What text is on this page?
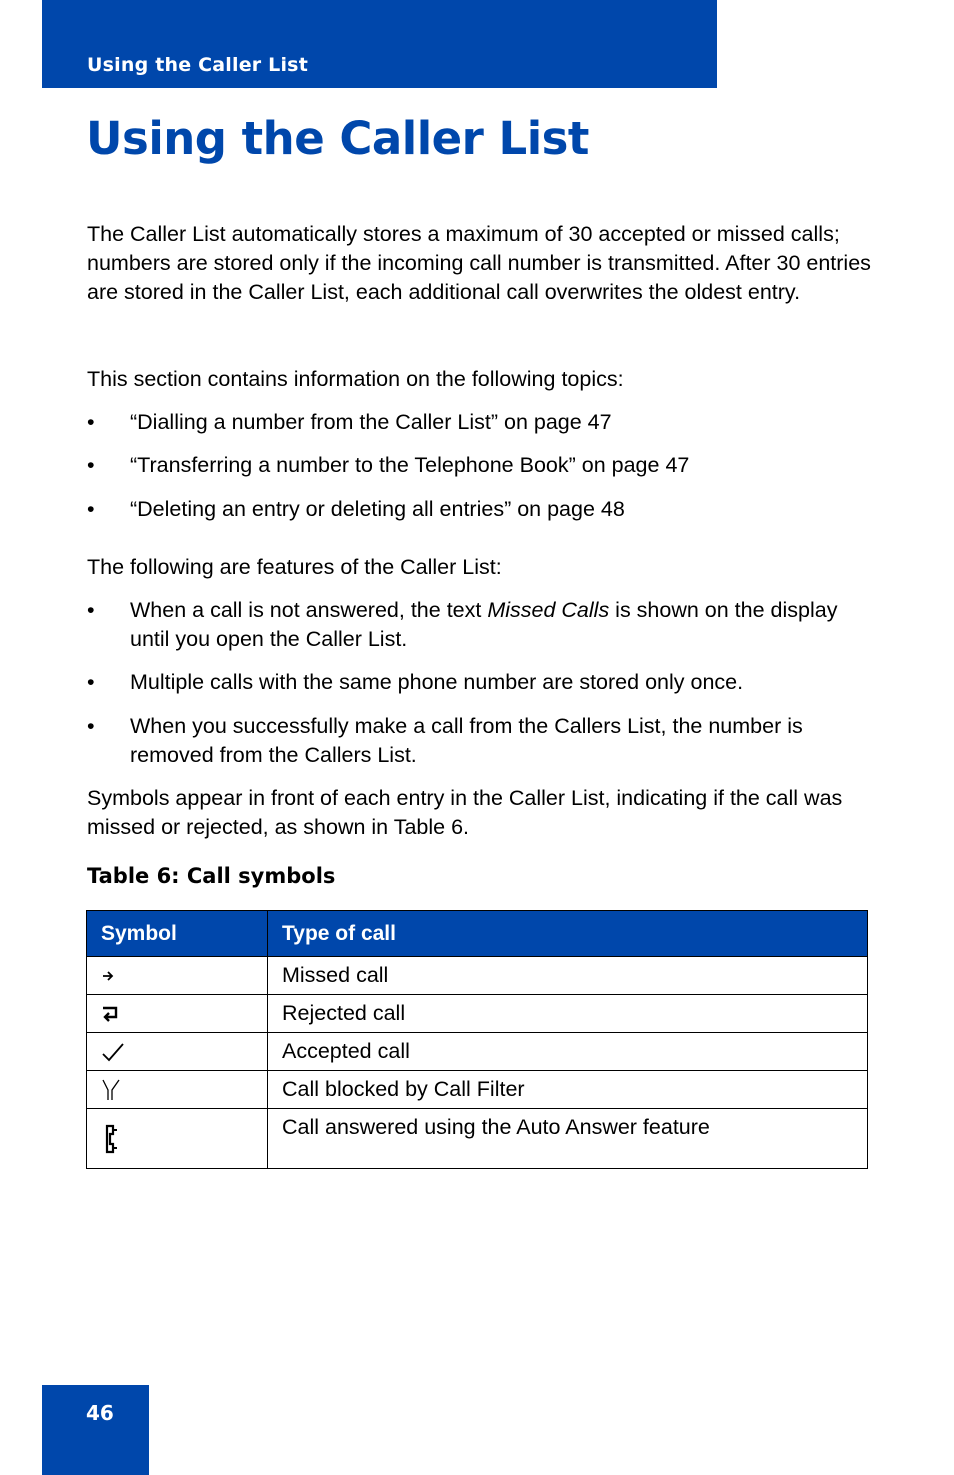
Using the Caller List
Using the Caller List

The Caller List automatically stores a maximum of 30 accepted or missed calls; numbers are stored only if the incoming call number is transmitted. After 30 entries are stored in the Caller List, each additional call overwrites the oldest entry.

This section contains information on the following topics:

• “Dialling a number from the Caller List” on page 47
• “Transferring a number to the Telephone Book” on page 47
• “Deleting an entry or deleting all entries” on page 48

The following are features of the Caller List:

• When a call is not answered, the text Missed Calls is shown on the display until you open the Caller List.
• Multiple calls with the same phone number are stored only once.
• When you successfully make a call from the Callers List, the number is removed from the Callers List.

Symbols appear in front of each entry in the Caller List, indicating if the call was missed or rejected, as shown in Table 6.

Table 6: Call symbols
Symbol	Type of call
	Missed call
	Rejected call
	Accepted call
	Call blocked by Call Filter
	Call answered using the Auto Answer feature
46
